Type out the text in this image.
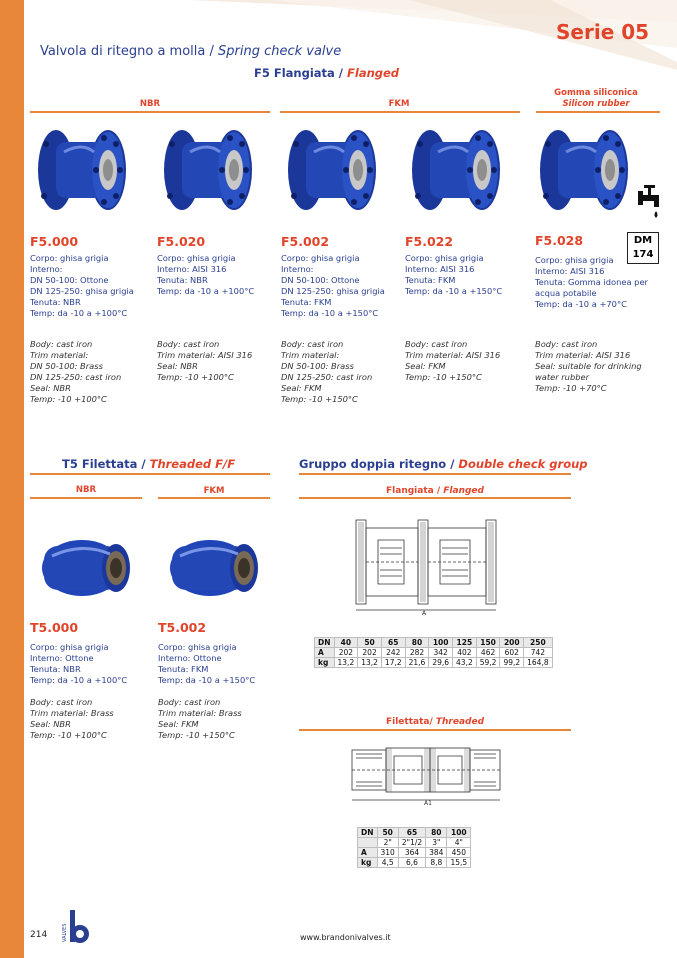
Serie 05
Valvola di ritegno a molla / Spring check valve
F5 Flangiata / Flanged
NBR	FKM
Gomma siliconica
Silicon rubber
DM
174
F5.000
Corpo: ghisa grigia
Interno:
DN 50-100: Ottone
DN 125-250: ghisa grigia
Tenuta: NBR
Temp: da -10 a +100°C
Body: cast iron
Trim material:
DN 50-100: Brass
DN 125-250: cast iron
Seal: NBR
Temp: -10 +100°C
F5.020
Corpo: ghisa grigia
Interno: AISI 316
Tenuta: NBR
Temp: da -10 a +100°C
Body: cast iron
Trim material: AISI 316
Seal: NBR
Temp: -10 +100°C
F5.002
Corpo: ghisa grigia
Interno:
DN 50-100: Ottone
DN 125-250: ghisa grigia
Tenuta: FKM
Temp: da -10 a +150°C
Body: cast iron
Trim material:
DN 50-100: Brass
DN 125-250: cast iron
Seal: FKM
Temp: -10 +150°C
F5.022
Corpo: ghisa grigia
Interno: AISI 316
Tenuta: FKM
Temp: da -10 a +150°C
Body: cast iron
Trim material: AISI 316
Seal: FKM
Temp: -10 +150°C
F5.028
Corpo: ghisa grigia
Interno: AISI 316
Tenuta: Gomma idonea per
acqua potabile
Temp: da -10 a +70°C
Body: cast iron
Trim material: AISI 316
Seal: suitable for drinking
water rubber
Temp: -10 +70°C
T5 Filettata / Threaded F/F
NBR	FKM
T5.000
Corpo: ghisa grigia
Interno: Ottone
Tenuta: NBR
Temp: da -10 a +100°C
Body: cast iron
Trim material: Brass
Seal: NBR
Temp: -10 +100°C
T5.002
Corpo: ghisa grigia
Interno: Ottone
Tenuta: FKM
Temp: da -10 a +150°C
Body: cast iron
Trim material: Brass
Seal: FKM
Temp: -10 +150°C
Gruppo doppia ritegno / Double check group
Flangiata / Flanged
A
DN	40	50	65	80	100	125	150	200	250
A	202	202	242	282	342	402	462	602	742
kg	13,2	13,2	17,2	21,6	29,6	43,2	59,2	99,2	164,8
Filettata/ Threaded
A1
DN	50	65	80	100
	2"	2"1/2	3"	4"
A	310	364	384	450
kg	4,5	6,6	8,8	15,5
214	VALVES	www.brandonivalves.it
